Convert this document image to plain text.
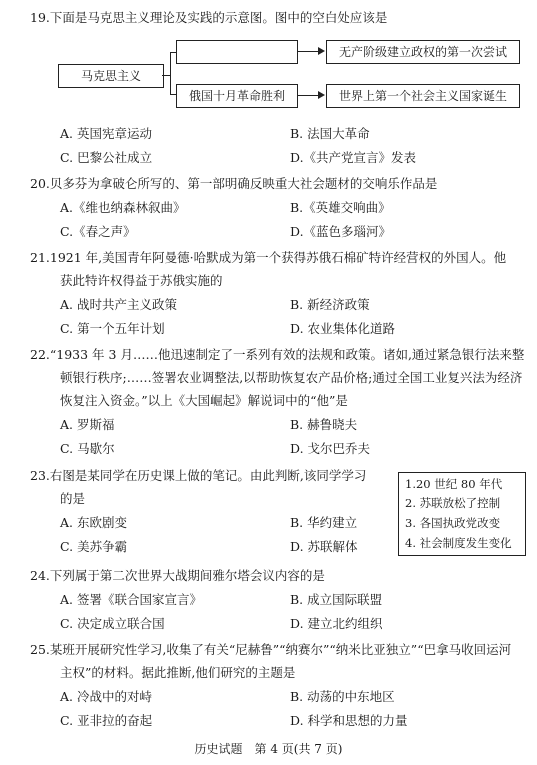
19.下面是马克思主义理论及实践的示意图。图中的空白处应该是
马克思主义
无产阶级建立政权的第一次尝试
俄国十月革命胜利	世界上第一个社会主义国家诞生
A. 英国宪章运动	B. 法国大革命
C. 巴黎公社成立	D.《共产党宣言》发表
20.贝多芬为拿破仑所写的、第一部明确反映重大社会题材的交响乐作品是
A.《维也纳森林叙曲》	B.《英雄交响曲》
C.《春之声》	D.《蓝色多瑙河》
21.1921 年,美国青年阿曼德·哈默成为第一个获得苏俄石棉矿特许经营权的外国人。他
获此特许权得益于苏俄实施的
A. 战时共产主义政策	B. 新经济政策
C. 第一个五年计划	D. 农业集体化道路
22.“1933 年 3 月……他迅速制定了一系列有效的法规和政策。诸如,通过紧急银行法来整
顿银行秩序;……签署农业调整法,以帮助恢复农产品价格;通过全国工业复兴法为经济
恢复注入资金。”以上《大国崛起》解说词中的“他”是
A. 罗斯福	B. 赫鲁晓夫
C. 马歇尔	D. 戈尔巴乔夫
23.右图是某同学在历史课上做的笔记。由此判断,该同学学习
的是
1.20 世纪 80 年代
2. 苏联放松了控制
3. 各国执政党改变
4. 社会制度发生变化
A. 东欧剧变	B. 华约建立
C. 美苏争霸	D. 苏联解体
24.下列属于第二次世界大战期间雅尔塔会议内容的是
A. 签署《联合国家宣言》	B. 成立国际联盟
C. 决定成立联合国	D. 建立北约组织
25.某班开展研究性学习,收集了有关“尼赫鲁”“纳赛尔”“纳米比亚独立”“巴拿马收回运河
主权”的材料。据此推断,他们研究的主题是
A. 冷战中的对峙	B. 动荡的中东地区
C. 亚非拉的奋起	D. 科学和思想的力量
历史试题　第 4 页(共 7 页)
